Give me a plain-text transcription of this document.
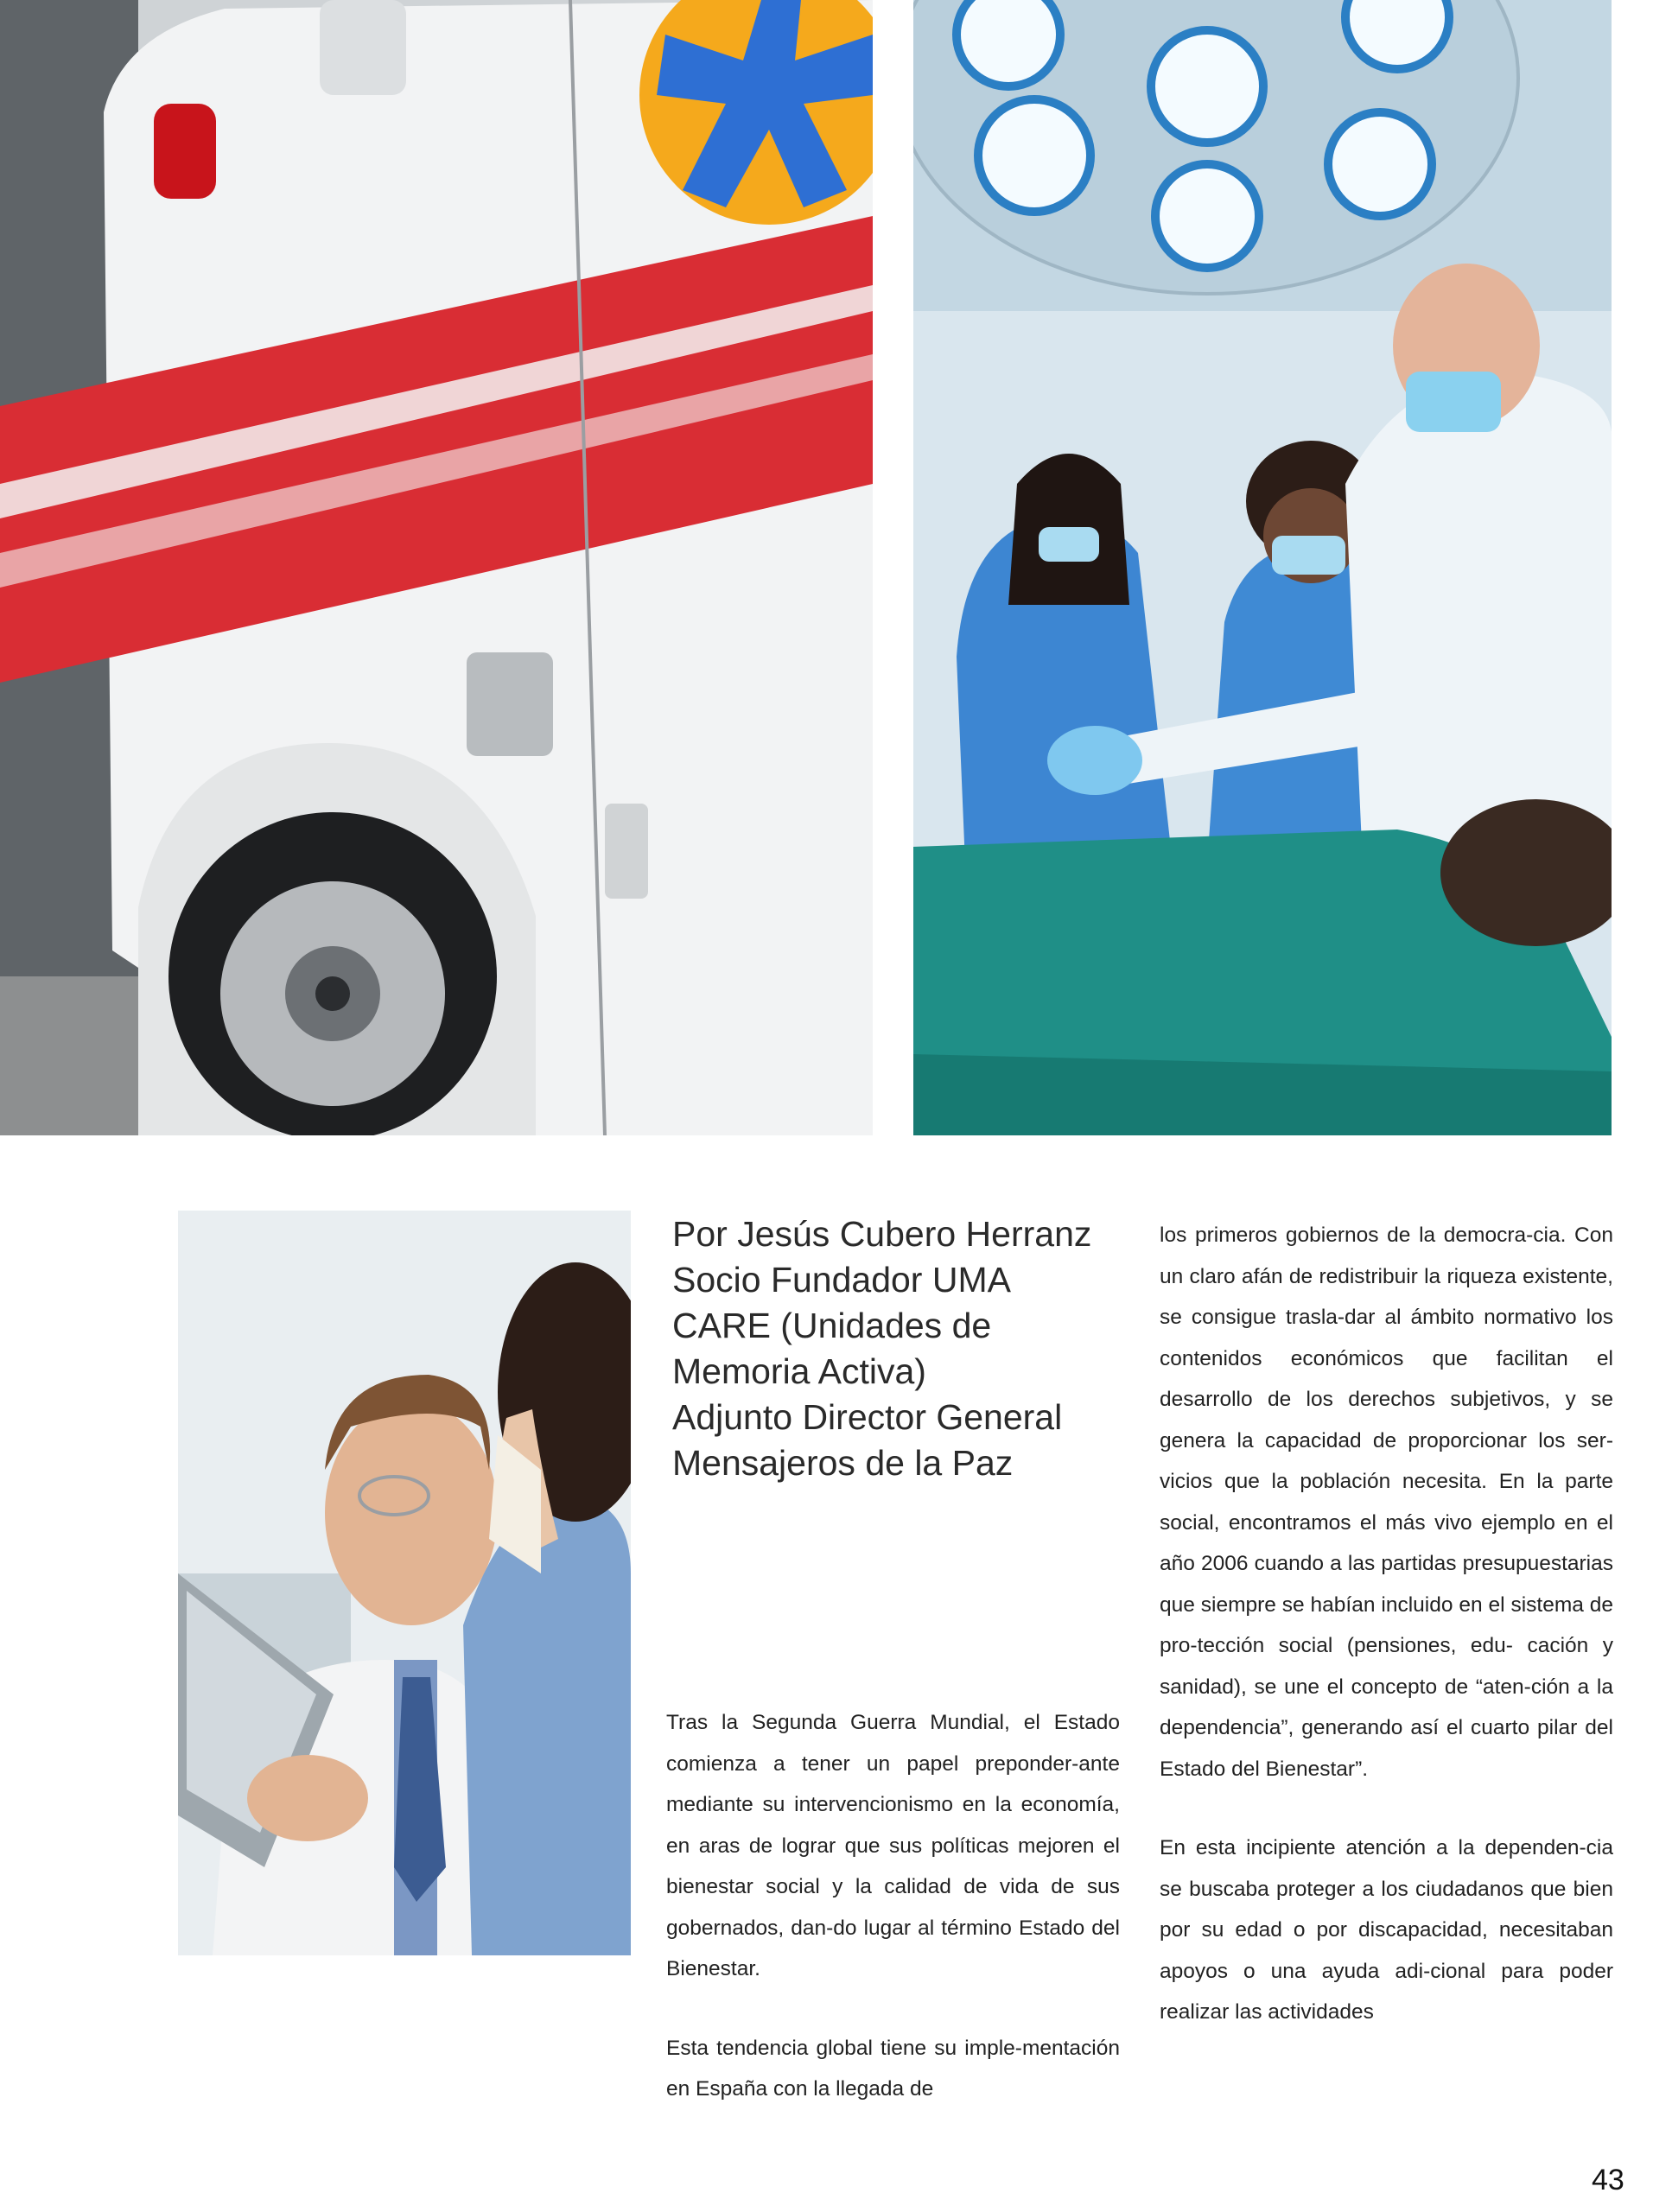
Por Jesús Cubero Herranz
Socio Fundador UMA
CARE (Unidades de
Memoria Activa)
Adjunto Director General
Mensajeros de la Paz

Tras la Segunda Guerra Mundial, el Estado comienza a tener un papel preponder-ante mediante su intervencionismo en la economía, en aras de lograr que sus políticas mejoren el bienestar social y la calidad de vida de sus gobernados, dan-do lugar al término Estado del Bienestar.

Esta tendencia global tiene su imple-mentación en España con la llegada de

los primeros gobiernos de la democra-cia. Con un claro afán de redistribuir la riqueza existente, se consigue trasla-dar al ámbito normativo los contenidos económicos que facilitan el desarrollo de los derechos subjetivos, y se genera la capacidad de proporcionar los ser-vicios que la población necesita. En la parte social, encontramos el más vivo ejemplo en el año 2006 cuando a las partidas presupuestarias que siempre se habían incluido en el sistema de pro-tección social (pensiones, edu- cación y sanidad), se une el concepto de “aten-ción a la dependencia”, generando así el cuarto pilar del Estado del Bienestar”.

En esta incipiente atención a la dependen-cia se buscaba proteger a los ciudadanos que bien por su edad o por discapacidad, necesitaban apoyos o una ayuda adi-cional para poder realizar las actividades

43
